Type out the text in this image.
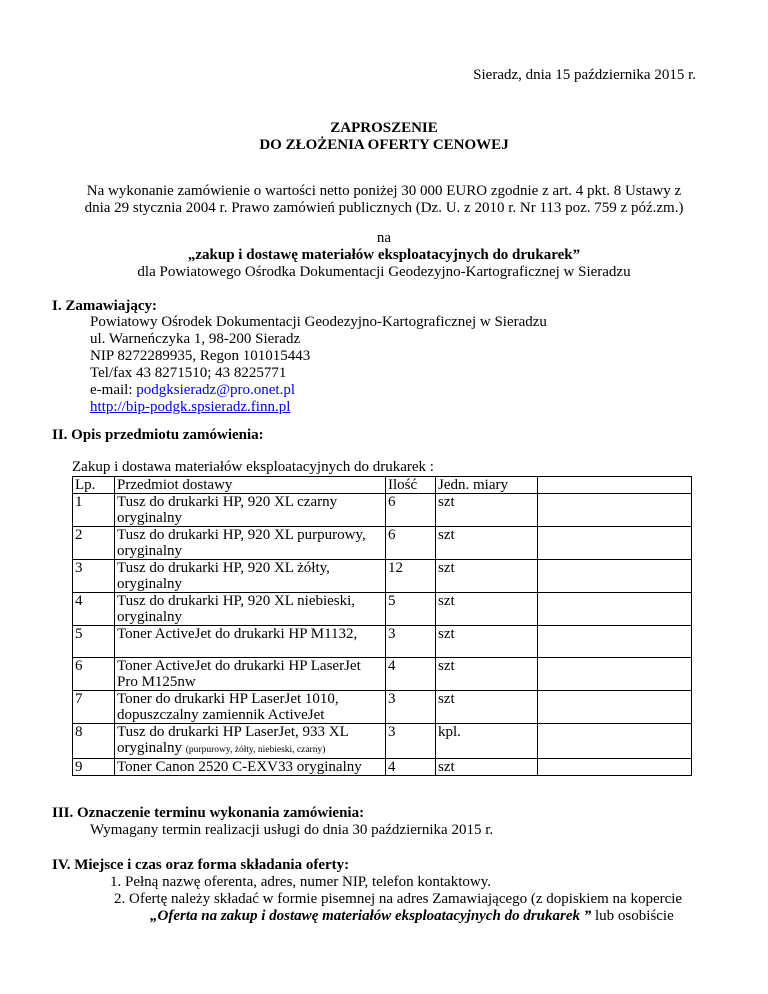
Sieradz, dnia 15 października 2015 r.
ZAPROSZENIE
DO ZŁOŻENIA OFERTY CENOWEJ
Na wykonanie zamówienie o wartości netto poniżej 30 000 EURO zgodnie z art. 4 pkt. 8 Ustawy z
dnia 29 stycznia 2004 r. Prawo zamówień publicznych (Dz. U. z 2010 r. Nr 113 poz. 759 z póź.zm.)
na
„zakup i dostawę materiałów eksploatacyjnych do drukarek”
dla Powiatowego Ośrodka Dokumentacji Geodezyjno-Kartograficznej w Sieradzu
I. Zamawiający:
Powiatowy Ośrodek Dokumentacji Geodezyjno-Kartograficznej w Sieradzu
ul. Warneńczyka 1, 98-200 Sieradz
NIP 8272289935, Regon 101015443
Tel/fax 43 8271510; 43 8225771
e-mail: podgksieradz@pro.onet.pl
http://bip-podgk.spsieradz.finn.pl
II. Opis przedmiotu zamówienia:
Zakup i dostawa materiałów eksploatacyjnych do drukarek :
Lp.	Przedmiot dostawy	Ilość	Jedn. miary	
1	Tusz do drukarki HP, 920 XL czarny oryginalny	6	szt	
2	Tusz do drukarki HP, 920 XL purpurowy, oryginalny	6	szt	
3	Tusz do drukarki HP, 920 XL żółty, oryginalny	12	szt	
4	Tusz do drukarki HP, 920 XL niebieski, oryginalny	5	szt	
5	Toner ActiveJet do drukarki HP M1132,	3	szt	
6	Toner ActiveJet do drukarki HP LaserJet Pro M125nw	4	szt	
7	Toner do drukarki HP LaserJet 1010, dopuszczalny zamiennik ActiveJet	3	szt	
8	Tusz do drukarki HP LaserJet, 933 XL oryginalny (purpurowy, żółty, niebieski, czarny)	3	kpl.	
9	Toner Canon 2520 C-EXV33 oryginalny	4	szt	
III. Oznaczenie terminu wykonania zamówienia:
Wymagany termin realizacji usługi do dnia 30 października 2015 r.
IV. Miejsce i czas oraz forma składania oferty:
1. Pełną nazwę oferenta, adres, numer NIP, telefon kontaktowy.
2. Ofertę należy składać w formie pisemnej na adres Zamawiającego (z dopiskiem na kopercie
„Oferta na zakup i dostawę materiałów eksploatacyjnych do drukarek ” lub osobiście
